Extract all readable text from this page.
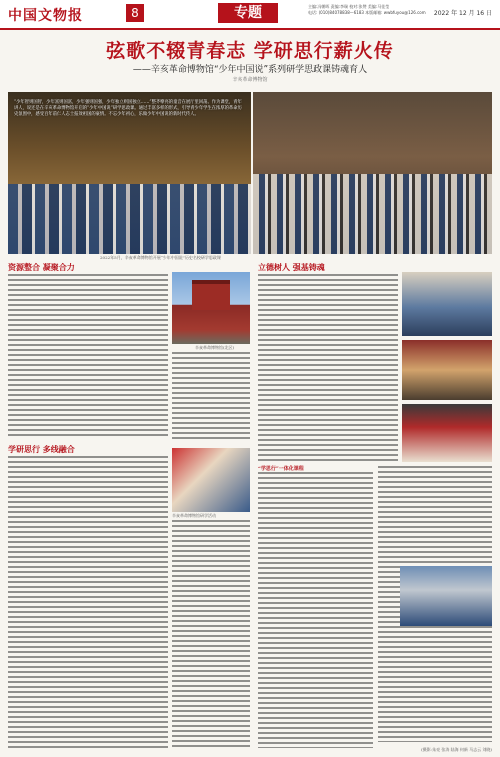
中国文物报	8	专题	主编:冯朝晖 责编:李瑞 校对:张赞 美编:马佳莹
电话: (010)84078838—6183 本版邮箱: wwbfuyou@126.com	2022 年 12 月 16 日
弦歌不辍青春志 学研思行薪火传
——辛亥革命博物馆“少年中国说”系列研学思政课铸魂育人
辛亥革命博物馆
“少年智则国智，少年富则国富，少年强则国强，少年独立则国独立……”整齐嘹亮的童音在展厅里回荡。作为课堂，青年讲人，说还是在辛亥革命博物馆开启的“少年中国说”研学思政课。通过丰富多样的形式，引导青少年学生在浓厚的革命历史氛围中，感受百年前仁人志士报效祖国的豪情。不忘少年初心，乐做少年中国说的新时代传人。
2022年5月，辛亥革命博物馆开展“少年中国说”历史名校研学思政课
资源整合 凝聚合力
辛亥革命博物馆(北区)
学研思行 多线融合
辛亥革命博物馆研学活动
立德树人 强基铸魂
“学思行”一体化课程
(摄影:朱亮 张涛 陆海 何新 马志云 刘晓)
